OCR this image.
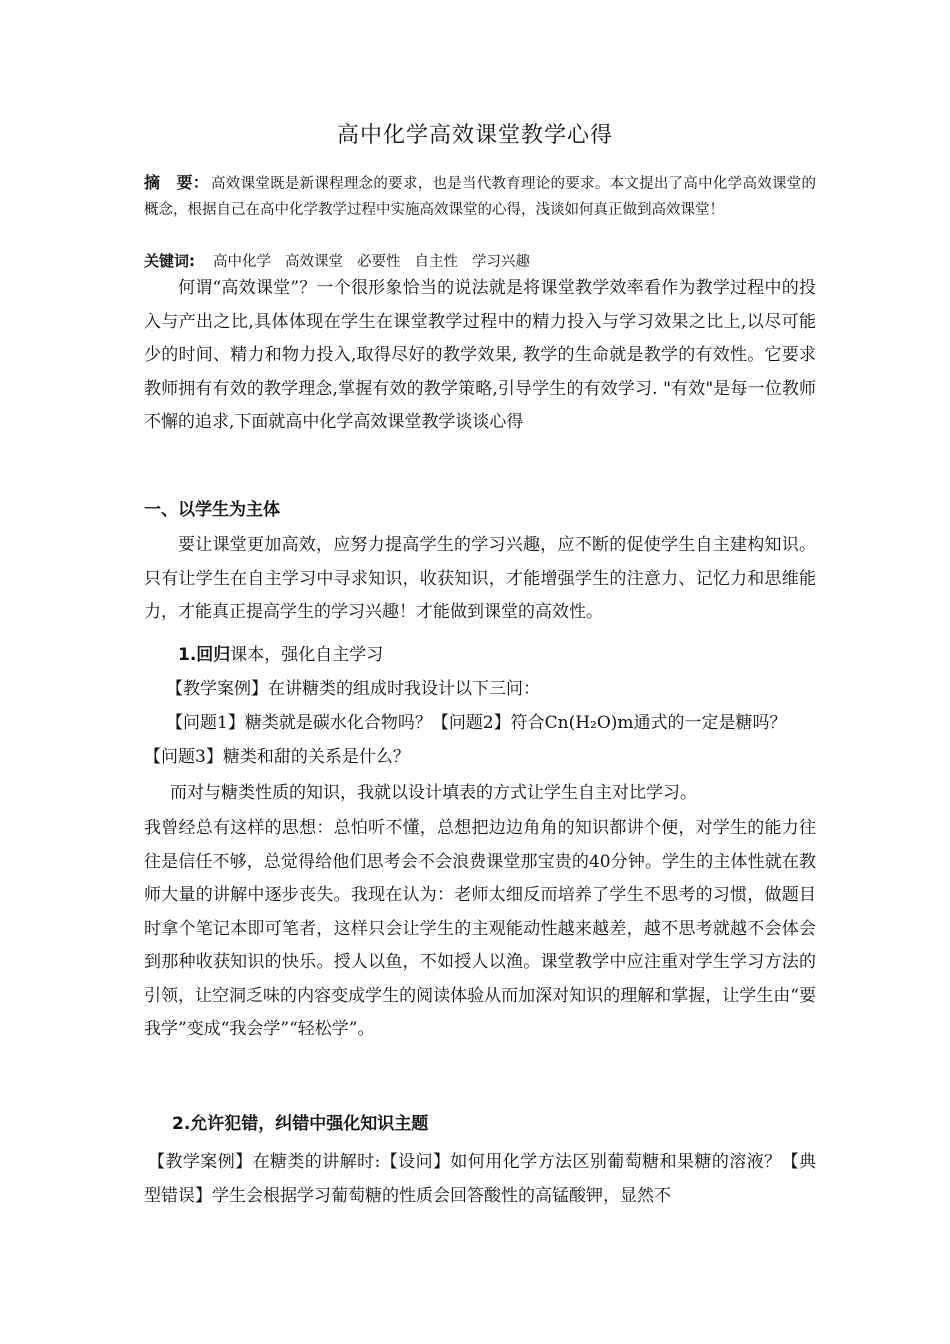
高中化学高效课堂教学心得
摘　要： 高效课堂既是新课程理念的要求，也是当代教育理论的要求。本文提出了高中化学高效课堂的概念，根据自己在高中化学教学过程中实施高效课堂的心得，浅谈如何真正做到高效课堂！
关键词: 高中化学 高效课堂 必要性 自主性 学习兴趣
何谓“高效课堂”？一个很形象恰当的说法就是将课堂教学效率看作为教学过程中的投入与产出之比,具体体现在学生在课堂教学过程中的精力投入与学习效果之比上,以尽可能少的时间、精力和物力投入,取得尽好的教学效果, 教学的生命就是教学的有效性。它要求教师拥有有效的教学理念,掌握有效的教学策略,引导学生的有效学习. "有效"是每一位教师不懈的追求,下面就高中化学高效课堂教学谈谈心得
一、以学生为主体
要让课堂更加高效，应努力提高学生的学习兴趣，应不断的促使学生自主建构知识。只有让学生在自主学习中寻求知识，收获知识，才能增强学生的注意力、记忆力和思维能力，才能真正提高学生的学习兴趣！才能做到课堂的高效性。
1.回归课本，强化自主学习
【教学案例】在讲糖类的组成时我设计以下三问：
【问题1】糖类就是碳水化合物吗？【问题2】符合Cn(H₂O)m通式的一定是糖吗？
【问题3】糖类和甜的关系是什么？
而对与糖类性质的知识，我就以设计填表的方式让学生自主对比学习。
我曾经总有这样的思想：总怕听不懂，总想把边边角角的知识都讲个便，对学生的能力往往是信任不够，总觉得给他们思考会不会浪费课堂那宝贵的40分钟。学生的主体性就在教师大量的讲解中逐步丧失。我现在认为：老师太细反而培养了学生不思考的习惯，做题目时拿个笔记本即可笔者，这样只会让学生的主观能动性越来越差，越不思考就越不会体会到那种收获知识的快乐。授人以鱼，不如授人以渔。课堂教学中应注重对学生学习方法的引领，让空洞乏味的内容变成学生的阅读体验从而加深对知识的理解和掌握，让学生由“要我学”变成“我会学”“轻松学”。
2.允许犯错，纠错中强化知识主题
【教学案例】在糖类的讲解时:【设问】如何用化学方法区别葡萄糖和果糖的溶液？【典型错误】学生会根据学习葡萄糖的性质会回答酸性的高锰酸钾，显然不
